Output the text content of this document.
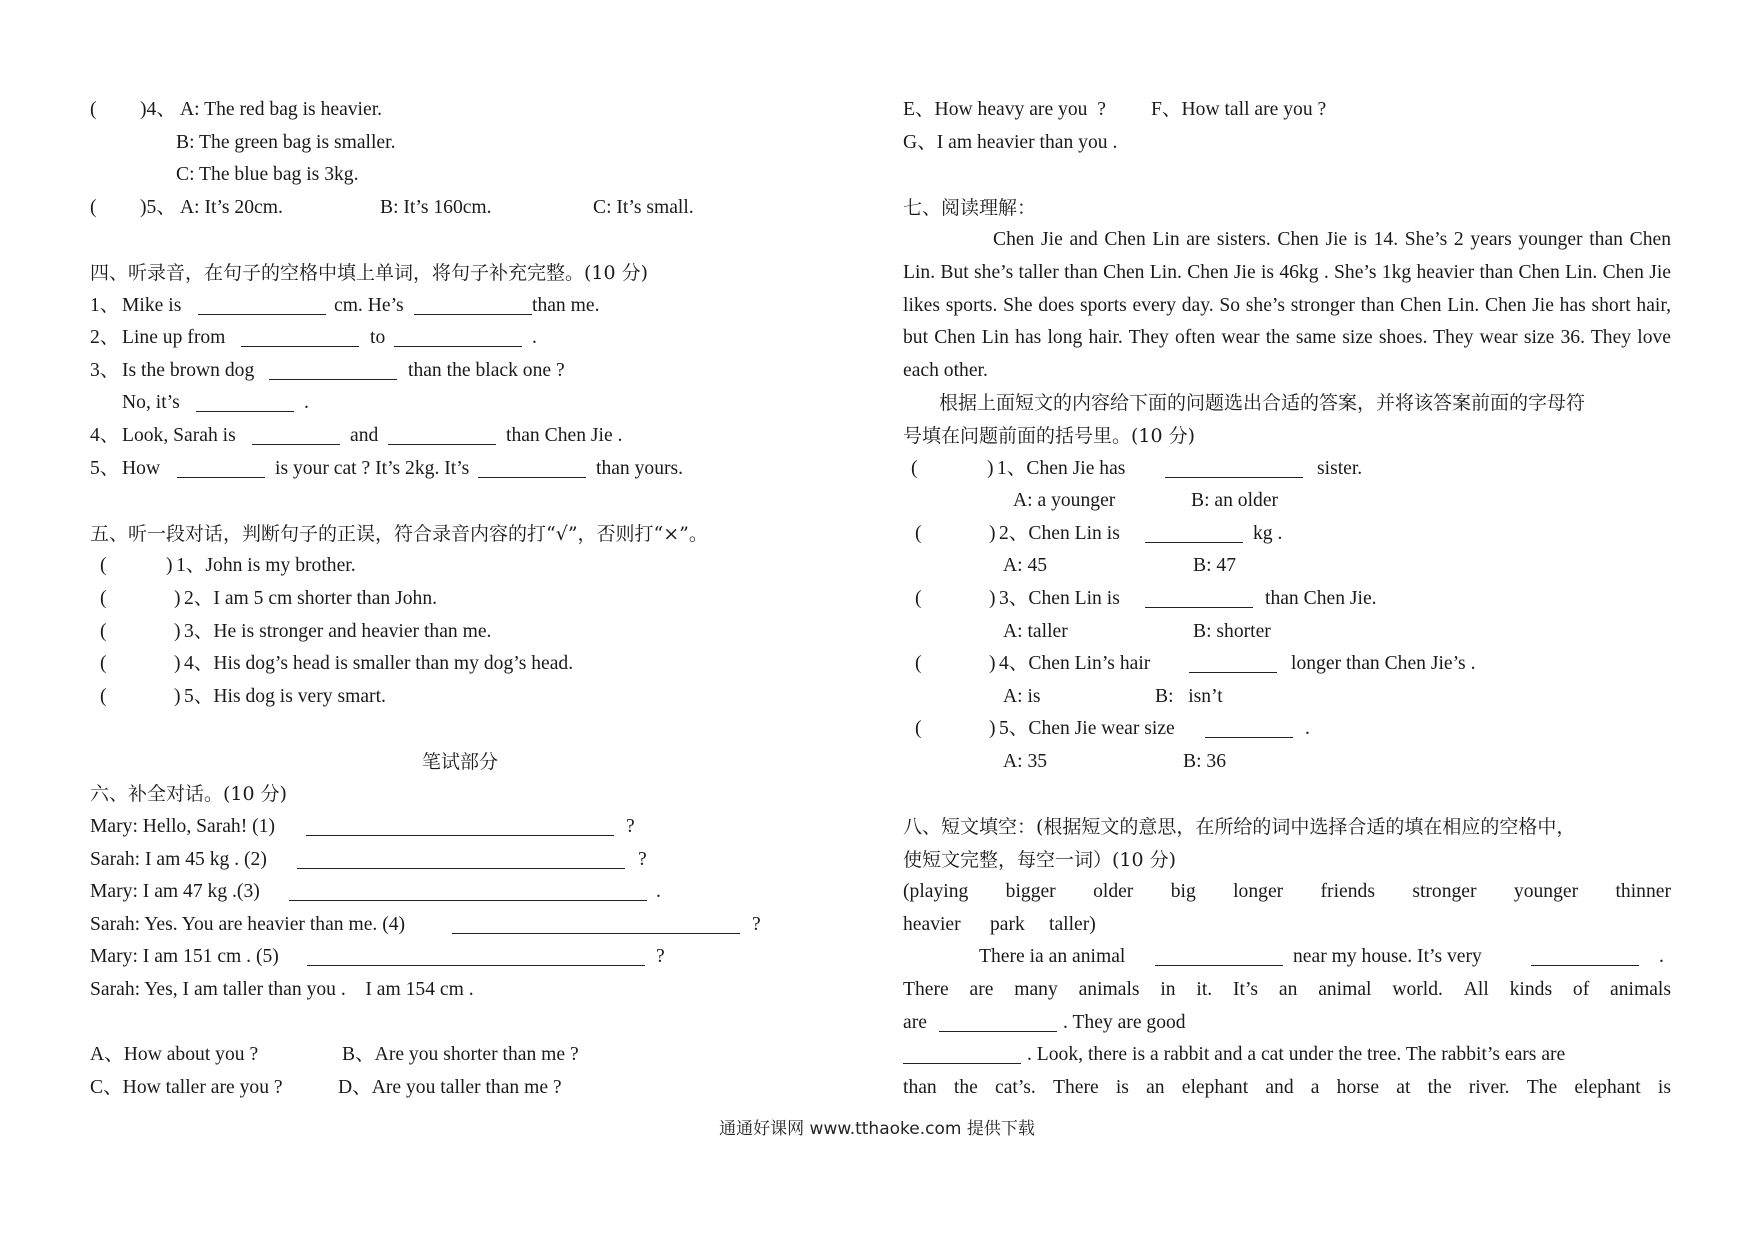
( )4、 A: The red bag is heavier.
B: The green bag is smaller.
C: The blue bag is 3kg.
( )5、 A: It’s 20cm.	B: It’s 160cm.	C: It’s small.
四、听录音，在句子的空格中填上单词，将句子补充完整。(10 分)
1、 Mike is	cm. He’s	than me.
2、 Line up from	to	.
3、 Is the brown dog	than the black one ?
No, it’s	.
4、 Look, Sarah is	and	than Chen Jie .
5、 How	is your cat ? It’s 2kg. It’s	than yours.
五、听一段对话，判断句子的正误，符合录音内容的打“√”，否则打“×”。
(	) 1、John is my brother.
(	) 2、I am 5 cm shorter than John.
(	) 3、He is stronger and heavier than me.
(	) 4、His dog’s head is smaller than my dog’s head.
(	) 5、His dog is very smart.
笔试部分
六、补全对话。(10 分)
Mary: Hello, Sarah! (1)	?
Sarah: I am 45 kg . (2)	?
Mary: I am 47 kg .(3)	.
Sarah: Yes. You are heavier than me. (4)	?
Mary: I am 151 cm . (5)	?
Sarah: Yes, I am taller than you .    I am 154 cm .
A、How about you ?	B、Are you shorter than me ?
C、How taller are you ?	D、Are you taller than me ?
E、How heavy are you  ? F、How tall are you ?
G、I am heavier than you .
七、阅读理解：
Chen Jie and Chen Lin are sisters. Chen Jie is 14. She’s 2 years younger than Chen Lin. But she’s taller than Chen Lin. Chen Jie is 46kg . She’s 1kg heavier than Chen Lin. Chen Jie likes sports. She does sports every day. So she’s stronger than Chen Lin. Chen Jie has short hair, but Chen Lin has long hair. They often wear the same size shoes. They wear size 36. They love each other.
根据上面短文的内容给下面的问题选出合适的答案，并将该答案前面的字母符
号填在问题前面的括号里。(10 分)
(	) 1、Chen Jie has	sister.
A: a younger	B: an older
(	) 2、Chen Lin is	kg .
A: 45	B: 47
(	) 3、Chen Lin is	than Chen Jie.
A: taller	B: shorter
(	) 4、Chen Lin’s hair	longer than Chen Jie’s .
A: is	B:   isn’t
(	) 5、Chen Jie wear size	.
A: 35	B: 36
八、短文填空：(根据短文的意思，在所给的词中选择合适的填在相应的空格中，
使短文完整，每空一词）(10 分)
(playing bigger older big longer friends stronger younger thinner
heavier park taller)
There ia an animal	near my house. It’s very	.
There are many animals in it. It’s an animal world. All kinds of animals
are	. They are good
. Look, there is a rabbit and a cat under the tree. The rabbit’s ears are
than the cat’s. There is an elephant and a horse at the river. The elephant is
通通好课网 www.tthaoke.com 提供下载
